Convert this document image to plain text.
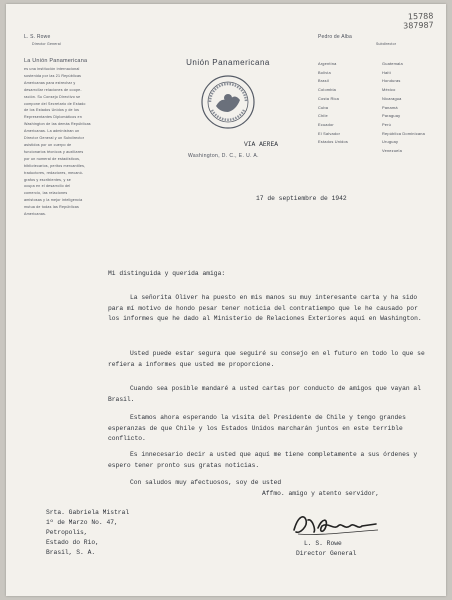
15788
387987
L. S. Rowe
Director General
Pedro de Alba
Subdirector
La Unión Panamericana
es una institución internacional
sostenida por las 21 Repúblicas
Americanas para estrechar y
desarrollar relaciones de coope-
ración. Su Consejo Directivo se
compone del Secretario de Estado
de los Estados Unidos y de los
Representantes Diplomáticos en
Washington de las demás Repúblicas
Americanas. La administran un
Director General y un Subdirector
asistidos por un cuerpo de
funcionarios técnicos y auxiliares
por un numeral de estadísticos,
bibliotecarios, peritos mercantiles,
traductores, redactores, mecanó-
grafos y escribientes, y se
ocupa en el desarrollo del
comercio, las relaciones
amistosas y la mejor inteligencia
mutua de todas las Repúblicas
Americanas.
Unión Panamericana
Washington, D. C., E. U. A.
VIA AEREA
Argentina
Bolivia
Brasil
Colombia
Costa Rica
Cuba
Chile
Ecuador
El Salvador
Estados Unidos
Guatemala
Haití
Honduras
México
Nicaragua
Panamá
Paraguay
Perú
República Dominicana
Uruguay
Venezuela
17 de septiembre de 1942
Mi distinguida y querida amiga:
La señorita Oliver ha puesto en mis manos su muy interesante carta y ha sido para mí motivo de hondo pesar tener noticia del contratiempo que le he causado por los informes que he dado al Ministerio de Relaciones Exteriores aquí en Washington.
Usted puede estar segura que seguiré su consejo en el futuro en todo lo que se refiera a informes que usted me proporcione.
Cuando sea posible mandaré a usted cartas por conducto de amigos que vayan al Brasil.
Estamos ahora esperando la visita del Presidente de Chile y tengo grandes esperanzas de que Chile y los Estados Unidos marcharán juntos en este terrible conflicto.
Es innecesario decir a usted que aquí me tiene completamente a sus órdenes y espero tener pronto sus gratas noticias.
Srta. Gabriela Mistral
1º de Marzo No. 47,
Petropolis,
Estado do Rio,
Brasil, S. A.
Con saludos muy afectuosos, soy de usted
Affmo. amigo y atento servidor,
L. S. Rowe
Director General
